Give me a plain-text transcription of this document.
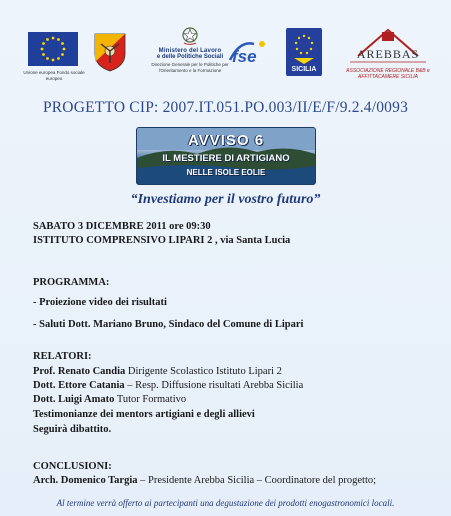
Unione europea Fondo sociale europeo
Ministero del Lavoro
e delle Politiche Sociali
Direzione Generale per le Politiche per l'Orientamento e la Formazione
fse
SICILIA
AREBBAS
ASSOCIAZIONE REGIONALE B&B e AFFITTACAMERE SICILIA
PROGETTO CIP: 2007.IT.051.PO.003/II/E/F/9.2.4/0093
AVVISO 6
IL MESTIERE DI ARTIGIANO
NELLE ISOLE EOLIE
“Investiamo per il vostro futuro”
SABATO 3 DICEMBRE 2011 ore 09:30
ISTITUTO COMPRENSIVO LIPARI 2 , via Santa Lucia
PROGRAMMA:
- Proiezione video dei risultati
- Saluti Dott. Mariano Bruno, Sindaco del Comune di Lipari
RELATORI:
Prof. Renato Candia Dirigente Scolastico Istituto Lipari 2
Dott. Ettore Catania – Resp. Diffusione risultati Arebba Sicilia
Dott. Luigi Amato Tutor Formativo
Testimonianze dei mentors artigiani e degli allievi
Seguirà dibattito.
CONCLUSIONI:
Arch. Domenico Targia – Presidente Arebba Sicilia – Coordinatore del progetto;
Al termine verrà offerto ai partecipanti una degustazione dei prodotti enogastronomici locali.
